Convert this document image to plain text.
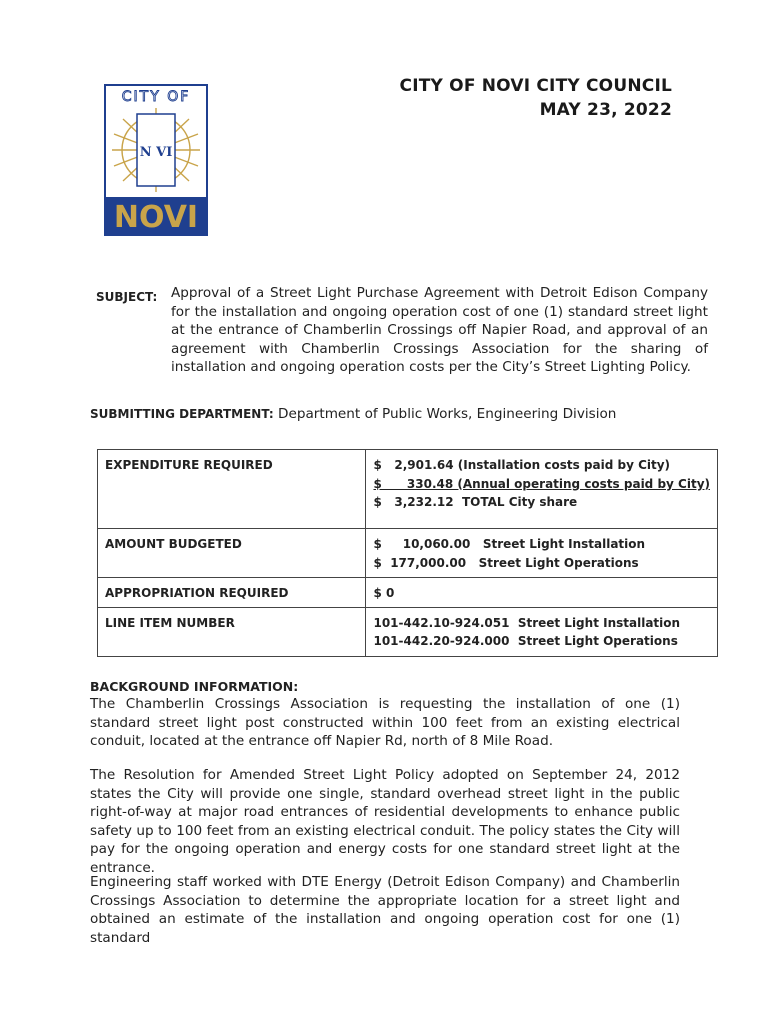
CITY OF
N VI
NOVI
CITY OF NOVI CITY COUNCIL
MAY 23, 2022
SUBJECT: Approval of a Street Light Purchase Agreement with Detroit Edison Company for the installation and ongoing operation cost of one (1) standard street light at the entrance of Chamberlin Crossings off Napier Road, and approval of an agreement with Chamberlin Crossings Association for the sharing of installation and ongoing operation costs per the City’s Street Lighting Policy.
SUBMITTING DEPARTMENT: Department of Public Works, Engineering Division
EXPENDITURE REQUIRED	$   2,901.64 (Installation costs paid by City)
$      330.48 (Annual operating costs paid by City)
$   3,232.12  TOTAL City share

AMOUNT BUDGETED	$     10,060.00   Street Light Installation
$  177,000.00   Street Light Operations

APPROPRIATION REQUIRED	$ 0
LINE ITEM NUMBER	101-442.10-924.051  Street Light Installation
101-442.20-924.000  Street Light Operations
BACKGROUND INFORMATION:
The Chamberlin Crossings Association is requesting the installation of one (1) standard street light post constructed within 100 feet from an existing electrical conduit, located at the entrance off Napier Rd, north of 8 Mile Road.
The Resolution for Amended Street Light Policy adopted on September 24, 2012 states the City will provide one single, standard overhead street light in the public right-of-way at major road entrances of residential developments to enhance public safety up to 100 feet from an existing electrical conduit. The policy states the City will pay for the ongoing operation and energy costs for one standard street light at the entrance.
Engineering staff worked with DTE Energy (Detroit Edison Company) and Chamberlin Crossings Association to determine the appropriate location for a street light and obtained an estimate of the installation and ongoing operation cost for one (1) standard
